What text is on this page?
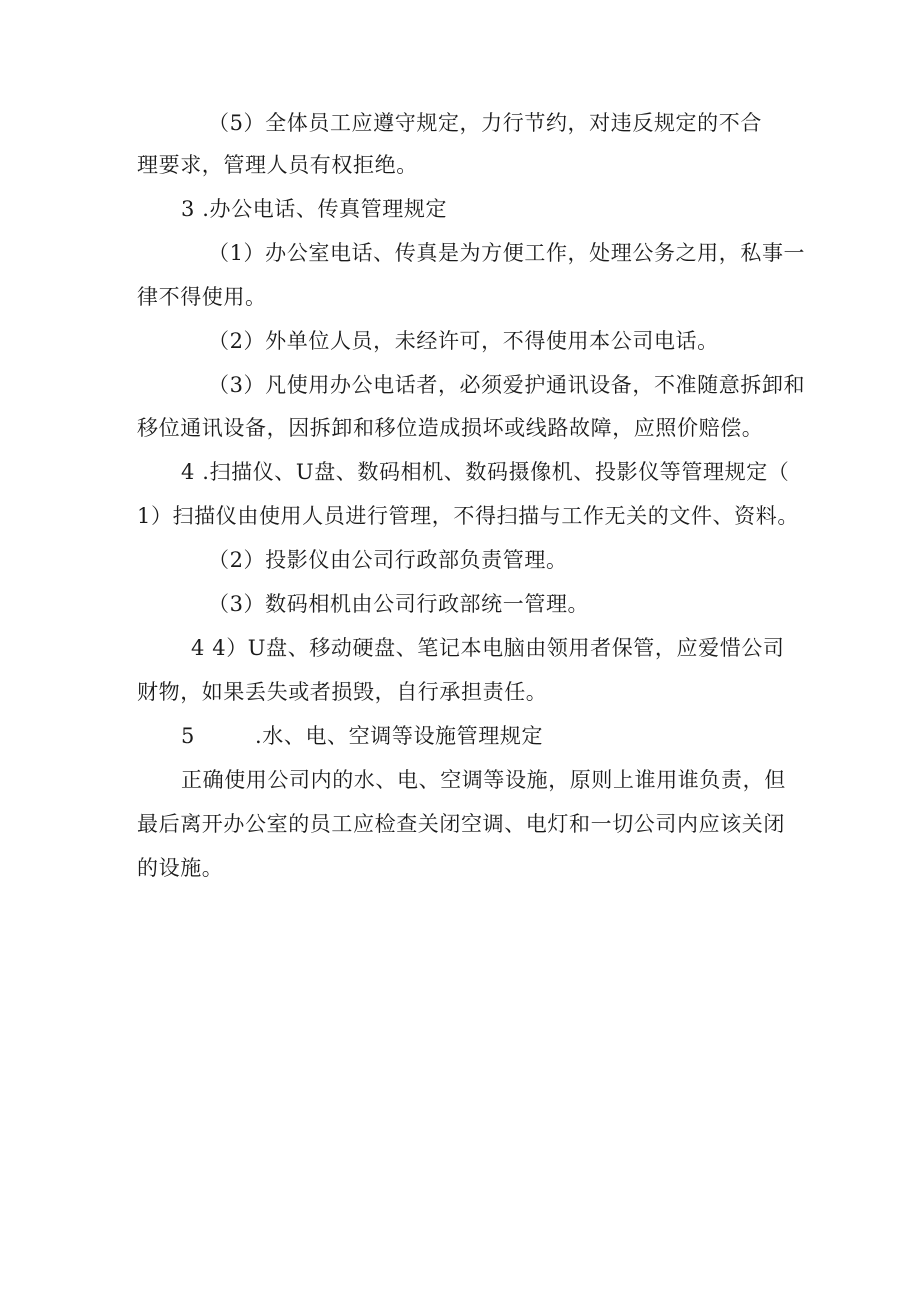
（5）全体员工应遵守规定，力行节约，对违反规定的不合
理要求，管理人员有权拒绝。
3 .办公电话、传真管理规定
（1）办公室电话、传真是为方便工作，处理公务之用，私事一
律不得使用。
（2）外单位人员，未经许可，不得使用本公司电话。
（3）凡使用办公电话者，必须爱护通讯设备，不准随意拆卸和
移位通讯设备，因拆卸和移位造成损坏或线路故障，应照价赔偿。
4 .扫描仪、U盘、数码相机、数码摄像机、投影仪等管理规定（
1）扫描仪由使用人员进行管理，不得扫描与工作无关的文件、资料。
（2）投影仪由公司行政部负责管理。
（3）数码相机由公司行政部统一管理。
4 4）U盘、移动硬盘、笔记本电脑由领用者保管，应爱惜公司
财物，如果丢失或者损毁，自行承担责任。
5	.水、电、空调等设施管理规定
正确使用公司内的水、电、空调等设施，原则上谁用谁负责，但
最后离开办公室的员工应检查关闭空调、电灯和一切公司内应该关闭
的设施。
